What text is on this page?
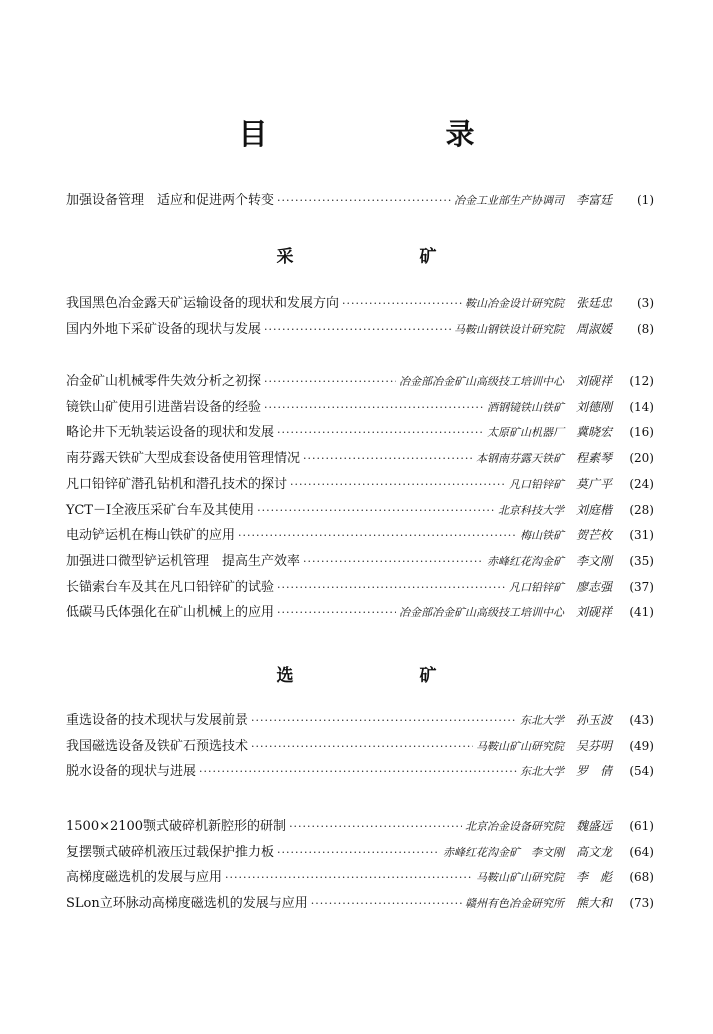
目 录
加强设备管理　适应和促进两个转变 ·····	冶金工业部生产协调司 李富廷	(1)
我国黑色冶金露天矿运输设备的现状和发展方向 ·····	鞍山冶金设计研究院 张廷忠	(3)
国内外地下采矿设备的现状与发展 ·····	马鞍山钢铁设计研究院 周淑媛	(8)
冶金矿山机械零件失效分析之初探 ·····	冶金部冶金矿山高级技工培训中心 刘砚祥	(12)
镜铁山矿使用引进凿岩设备的经验 ·····	酒钢镜铁山铁矿 刘德刚	(14)
略论井下无轨装运设备的现状和发展 ·····	太原矿山机器厂 冀晓宏	(16)
南芬露天铁矿大型成套设备使用管理情况 ·····	本钢南芬露天铁矿 程素琴	(20)
凡口铅锌矿潜孔钻机和潜孔技术的探讨 ·····	凡口铅锌矿 莫广平	(24)
YCT－Ⅰ全液压采矿台车及其使用 ·····	北京科技大学 刘庭楷	(28)
电动铲运机在梅山铁矿的应用 ·····	梅山铁矿 贺芒枚	(31)
加强进口微型铲运机管理　提高生产效率 ·····	赤峰红花沟金矿 李文刚	(35)
长锚索台车及其在凡口铅锌矿的试验 ·····	凡口铅锌矿 廖志强	(37)
低碳马氏体强化在矿山机械上的应用 ·····	冶金部冶金矿山高级技工培训中心 刘砚祥	(41)
重选设备的技术现状与发展前景 ·····	东北大学 孙玉波	(43)
我国磁选设备及铁矿石预选技术 ·····	马鞍山矿山研究院 吴芬明	(49)
脱水设备的现状与进展 ·····	东北大学 罗　倩	(54)
1500×2100颚式破碎机新腔形的研制 ·····	北京冶金设备研究院 魏盛远	(61)
复摆颚式破碎机液压过载保护推力板 ·····	赤峰红花沟金矿　李文刚 高文龙	(64)
高梯度磁选机的发展与应用 ·····	马鞍山矿山研究院 李　彪	(68)
SLon立环脉动高梯度磁选机的发展与应用 ·····	赣州有色冶金研究所 熊大和	(73)
采 矿
选 矿
